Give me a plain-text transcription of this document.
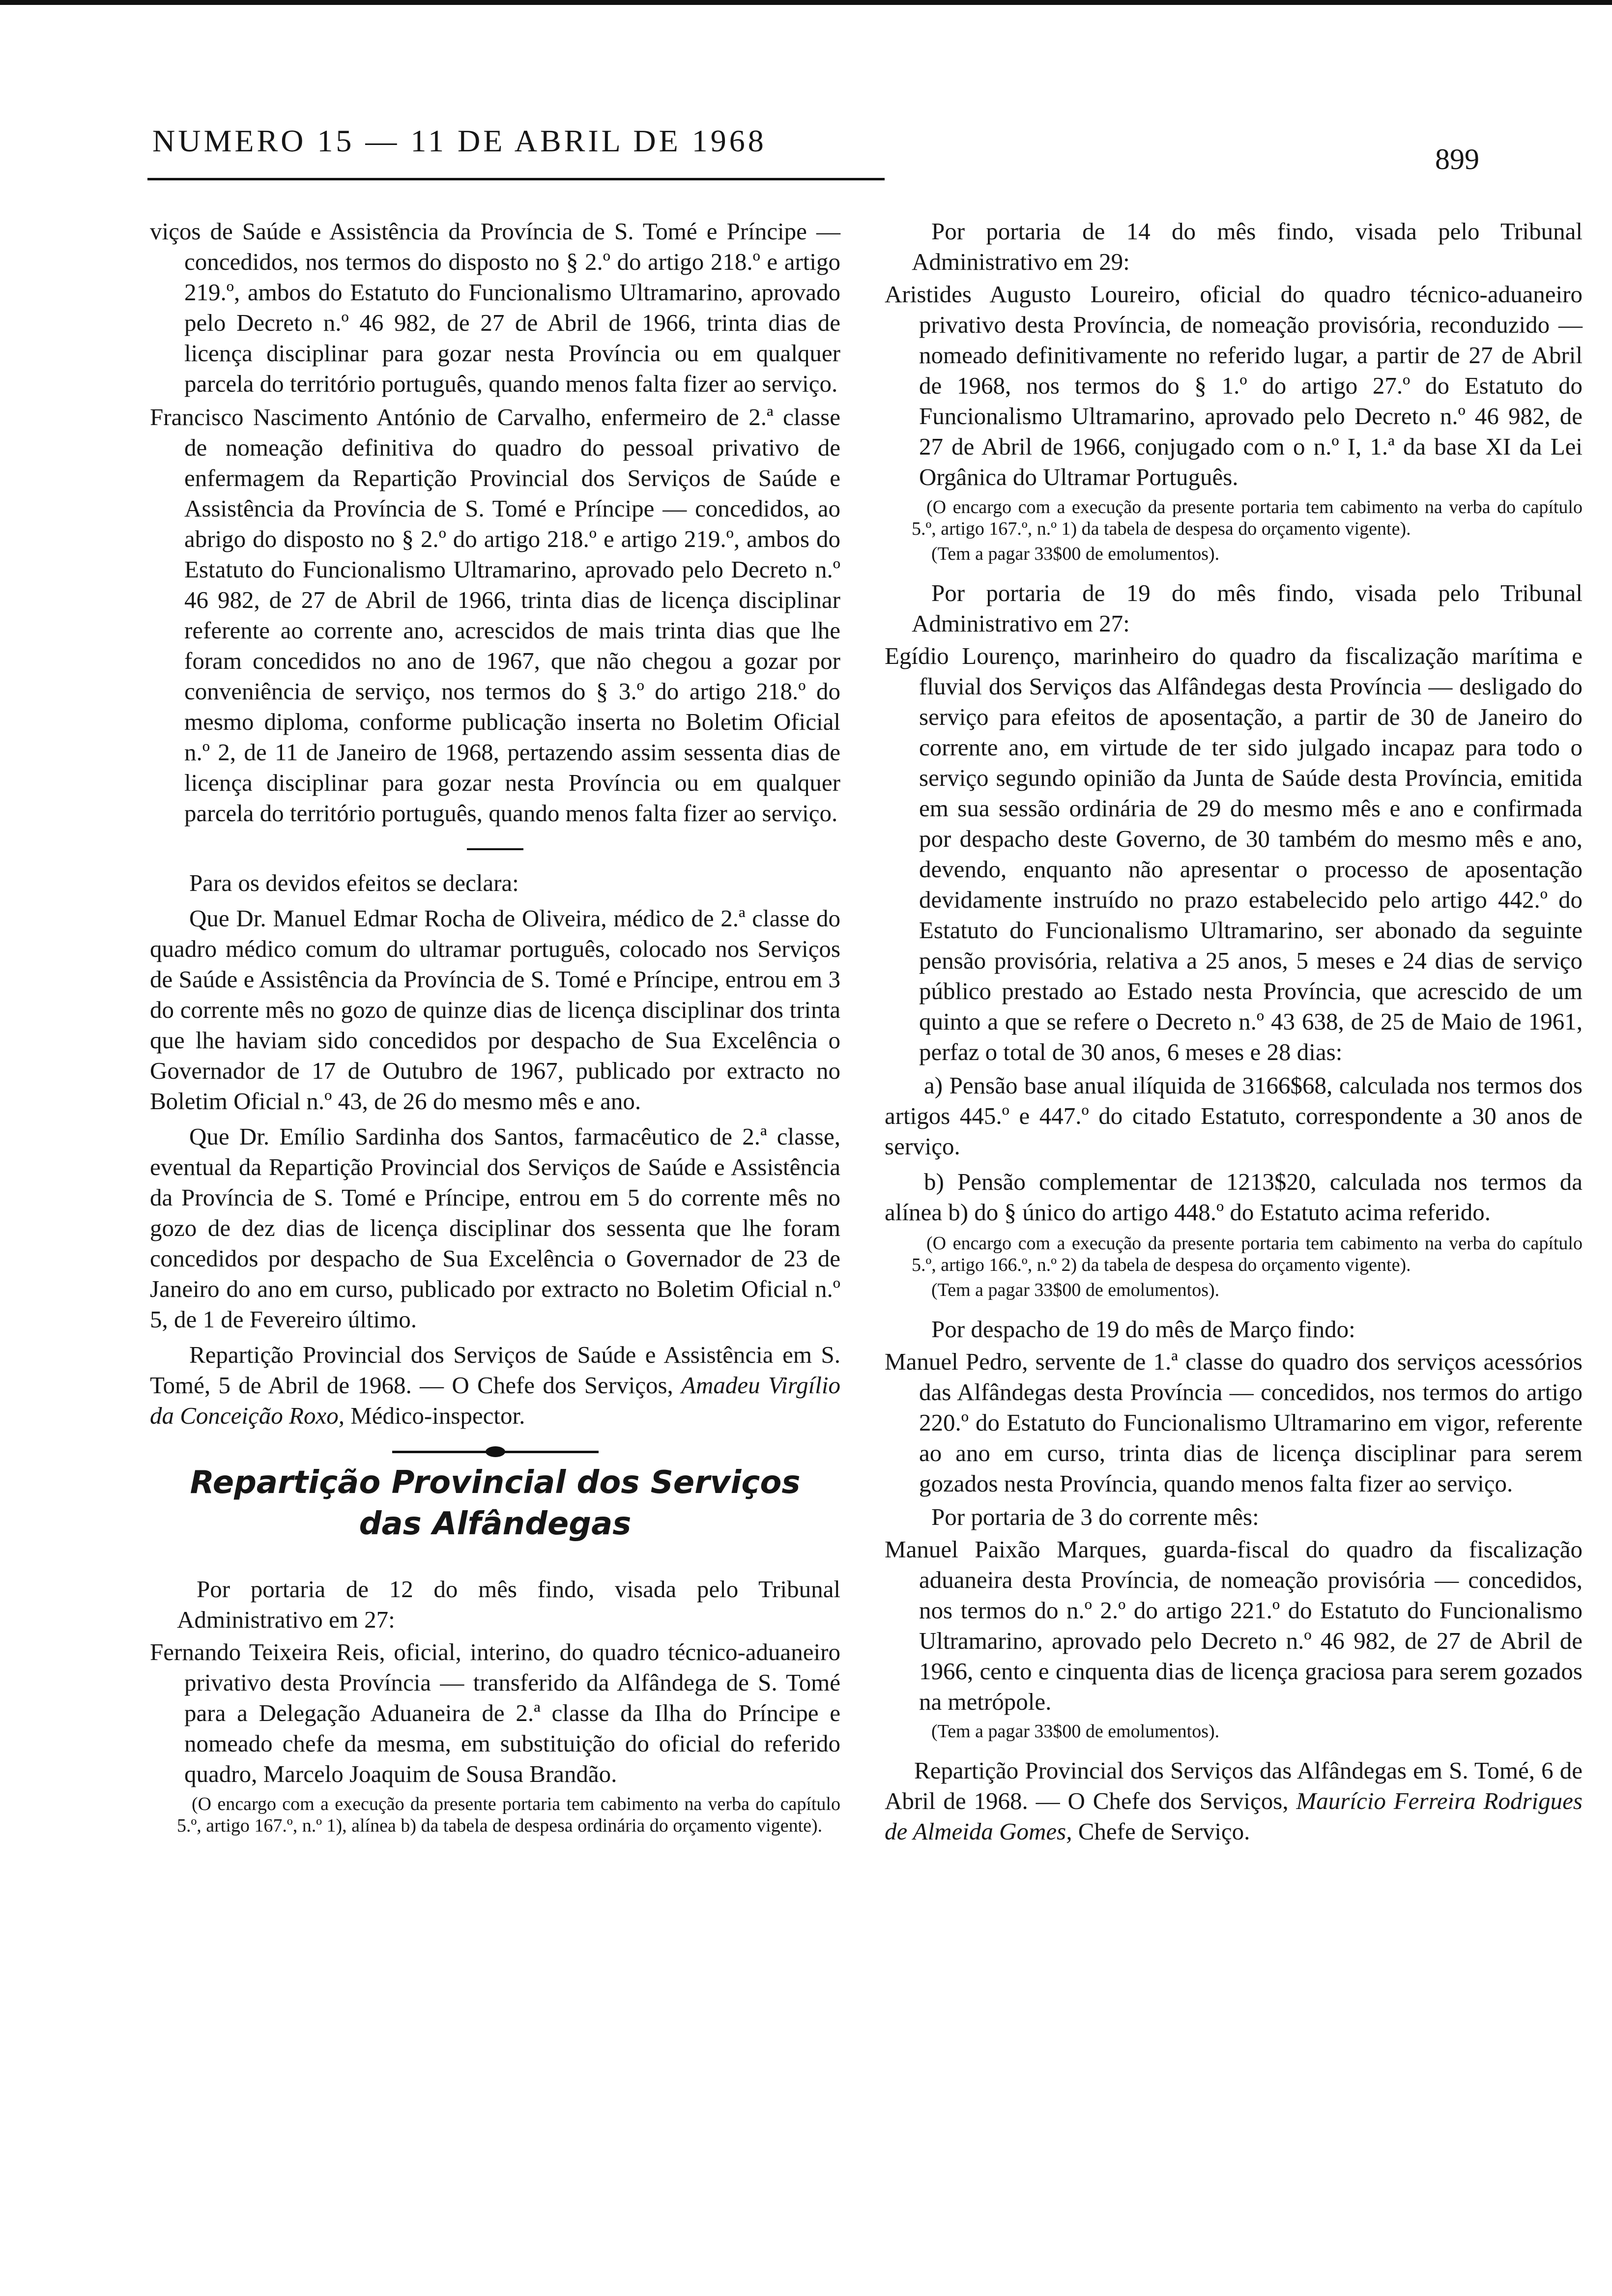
NUMERO 15 — 11 DE ABRIL DE 1968
899

viços de Saúde e Assistência da Província de S. Tomé e Príncipe — concedidos, nos termos do disposto no § 2.º do artigo 218.º e artigo 219.º, ambos do Estatuto do Funcionalismo Ultramarino, aprovado pelo Decreto n.º 46 982, de 27 de Abril de 1966, trinta dias de licença disciplinar para gozar nesta Província ou em qualquer parcela do território português, quando menos falta fizer ao serviço.

Francisco Nascimento António de Carvalho, enfermeiro de 2.ª classe de nomeação definitiva do quadro do pessoal privativo de enfermagem da Repartição Provincial dos Serviços de Saúde e Assistência da Província de S. Tomé e Príncipe — concedidos, ao abrigo do disposto no § 2.º do artigo 218.º e artigo 219.º, ambos do Estatuto do Funcionalismo Ultramarino, aprovado pelo Decreto n.º 46 982, de 27 de Abril de 1966, trinta dias de licença disciplinar referente ao corrente ano, acrescidos de mais trinta dias que lhe foram concedidos no ano de 1967, que não chegou a gozar por conveniência de serviço, nos termos do § 3.º do artigo 218.º do mesmo diploma, conforme publicação inserta no Boletim Oficial n.º 2, de 11 de Janeiro de 1968, pertazendo assim sessenta dias de licença disciplinar para gozar nesta Província ou em qualquer parcela do território português, quando menos falta fizer ao serviço.

Para os devidos efeitos se declara:

Que Dr. Manuel Edmar Rocha de Oliveira, médico de 2.ª classe do quadro médico comum do ultramar português, colocado nos Serviços de Saúde e Assistência da Província de S. Tomé e Príncipe, entrou em 3 do corrente mês no gozo de quinze dias de licença disciplinar dos trinta que lhe haviam sido concedidos por despacho de Sua Excelência o Governador de 17 de Outubro de 1967, publicado por extracto no Boletim Oficial n.º 43, de 26 do mesmo mês e ano.

Que Dr. Emílio Sardinha dos Santos, farmacêutico de 2.ª classe, eventual da Repartição Provincial dos Serviços de Saúde e Assistência da Província de S. Tomé e Príncipe, entrou em 5 do corrente mês no gozo de dez dias de licença disciplinar dos sessenta que lhe foram concedidos por despacho de Sua Excelência o Governador de 23 de Janeiro do ano em curso, publicado por extracto no Boletim Oficial n.º 5, de 1 de Fevereiro último.

Repartição Provincial dos Serviços de Saúde e Assistência em S. Tomé, 5 de Abril de 1968. — O Chefe dos Serviços, Amadeu Virgílio da Conceição Roxo, Médico-inspector.

Repartição Provincial dos Serviços
das Alfândegas

Por portaria de 12 do mês findo, visada pelo Tribunal Administrativo em 27:

Fernando Teixeira Reis, oficial, interino, do quadro técnico-aduaneiro privativo desta Província — transferido da Alfândega de S. Tomé para a Delegação Aduaneira de 2.ª classe da Ilha do Príncipe e nomeado chefe da mesma, em substituição do oficial do referido quadro, Marcelo Joaquim de Sousa Brandão.

(O encargo com a execução da presente portaria tem cabimento na verba do capítulo 5.º, artigo 167.º, n.º 1), alínea b) da tabela de despesa ordinária do orçamento vigente).

Por portaria de 14 do mês findo, visada pelo Tribunal Administrativo em 29:

Aristides Augusto Loureiro, oficial do quadro técnico-aduaneiro privativo desta Província, de nomeação provisória, reconduzido — nomeado definitivamente no referido lugar, a partir de 27 de Abril de 1968, nos termos do § 1.º do artigo 27.º do Estatuto do Funcionalismo Ultramarino, aprovado pelo Decreto n.º 46 982, de 27 de Abril de 1966, conjugado com o n.º I, 1.ª da base XI da Lei Orgânica do Ultramar Português.

(O encargo com a execução da presente portaria tem cabimento na verba do capítulo 5.º, artigo 167.º, n.º 1) da tabela de despesa do orçamento vigente).

(Tem a pagar 33$00 de emolumentos).

Por portaria de 19 do mês findo, visada pelo Tribunal Administrativo em 27:

Egídio Lourenço, marinheiro do quadro da fiscalização marítima e fluvial dos Serviços das Alfândegas desta Província — desligado do serviço para efeitos de aposentação, a partir de 30 de Janeiro do corrente ano, em virtude de ter sido julgado incapaz para todo o serviço segundo opinião da Junta de Saúde desta Província, emitida em sua sessão ordinária de 29 do mesmo mês e ano e confirmada por despacho deste Governo, de 30 também do mesmo mês e ano, devendo, enquanto não apresentar o processo de aposentação devidamente instruído no prazo estabelecido pelo artigo 442.º do Estatuto do Funcionalismo Ultramarino, ser abonado da seguinte pensão provisória, relativa a 25 anos, 5 meses e 24 dias de serviço público prestado ao Estado nesta Província, que acrescido de um quinto a que se refere o Decreto n.º 43 638, de 25 de Maio de 1961, perfaz o total de 30 anos, 6 meses e 28 dias:

a) Pensão base anual ilíquida de 3166$68, calculada nos termos dos artigos 445.º e 447.º do citado Estatuto, correspondente a 30 anos de serviço.

b) Pensão complementar de 1213$20, calculada nos termos da alínea b) do § único do artigo 448.º do Estatuto acima referido.

(O encargo com a execução da presente portaria tem cabimento na verba do capítulo 5.º, artigo 166.º, n.º 2) da tabela de despesa do orçamento vigente).

(Tem a pagar 33$00 de emolumentos).

Por despacho de 19 do mês de Março findo:

Manuel Pedro, servente de 1.ª classe do quadro dos serviços acessórios das Alfândegas desta Província — concedidos, nos termos do artigo 220.º do Estatuto do Funcionalismo Ultramarino em vigor, referente ao ano em curso, trinta dias de licença disciplinar para serem gozados nesta Província, quando menos falta fizer ao serviço.

Por portaria de 3 do corrente mês:

Manuel Paixão Marques, guarda-fiscal do quadro da fiscalização aduaneira desta Província, de nomeação provisória — concedidos, nos termos do n.º 2.º do artigo 221.º do Estatuto do Funcionalismo Ultramarino, aprovado pelo Decreto n.º 46 982, de 27 de Abril de 1966, cento e cinquenta dias de licença graciosa para serem gozados na metrópole.

(Tem a pagar 33$00 de emolumentos).

Repartição Provincial dos Serviços das Alfândegas em S. Tomé, 6 de Abril de 1968. — O Chefe dos Serviços, Maurício Ferreira Rodrigues de Almeida Gomes, Chefe de Serviço.
